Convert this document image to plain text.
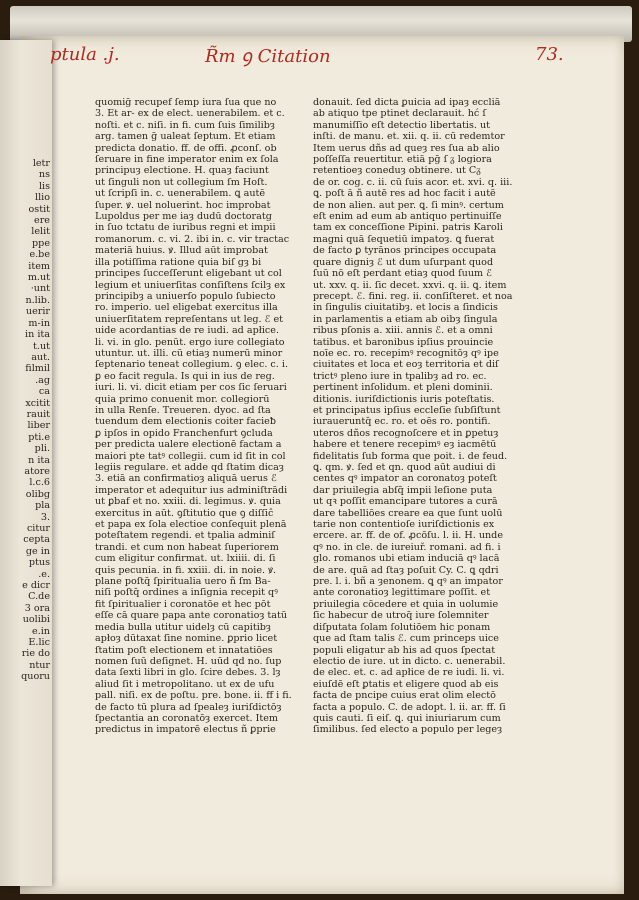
letr
ns
lis
llio
ostit
ere
lelit
ppe
e.be
item
m.ut
·unt
n.lib.
uerir
m-in
in ita
t.ut
aut.
filmil
.ag
ca
xcitit
rauit
liber
pti.e
pli.
n ita
atore
l.c.6
olibg
pla
3.
citur
cepta
ge in
ptus
.e.
e dicr
C.de
3 ora
uolibi
e.in
E.lic
rie do
ntur
quoru
ptula .j.	R̃m ꝯ Citation	73.
quomiḡ recupef ſemp iura ſua que no
3. Et ar- ex de elect. uenerabilem. et c.
noſti. et c. niſi. in fi. cum ſuis ſimilibȝ
arg. tamen ḡ ualeat ſeptum. Et etiam
predicta donatio. ff. de offi. ꝓconſ. ob
ſeruare in fine imperator enim ex ſola
principuȝ electione. H. quaȝ faciunt
ut ſinguli non ut collegium ſm Hoſt.
ut ſcripſi in. c. uenerabilem. ꝗ autē
ſuper. ꝟ. uel noluerint. hoc improbat
Lupoldus per me iaȝ dudū doctoratg
in ſuo tctatu de iuribus regni et impii
romanorum. c. vi. 2. ibi in. c. vir tractac
materiā huius. ꝟ. Illud aūt improbat
illa potiſſima ratione quia biſ gȝ bi
principes ſucceſſerunt eligebant ut col
legium et uniuerſitas conſiſtens ſcilȝ ex
principibȝ a uniuerſo populo ſubiecto
ro. imperio. uel eligebat exercitus illa
uniuerſitatem repreſentans ut leg. ℰ et
uide acordantias de re iudi. ad apłice.
li. vi. in glo. penūt. ergo iure collegiato
utuntur. ut. illi. cū etiaȝ numerū minor
ſeptenario teneat collegium. ꝯ elec. c. i.
ꝑ eo facit regula. Is qui in ius de reg.
iuri. li. vi. dicit etiam per cos ſic ſeruari
quia primo conuenit mor. collegiorū
in ulla Renſe. Treueren. dyoc. ad ſta
tuendum dem electionis coiter facieƀ
ꝑ ipſos in opido Franchenfurt ꝯcluda
per predicta ualere electionē factam a
maiori pte tatꝰ collegii. cum id ſit in col
legiis regulare. et adde qd ſtatim dicaȝ
3. etiā an confirmatioȝ aliquā uerus ℰ
imperator et adequitur ius adminiſtrādi
ut ꝑbaf et no. xxiii. di. legimus. ꝟ. quia
exercitus in aūt. ꝯſtitutio que ꝯ diſſiĉ
et papa ex ſola electioe conſequit plenā
poteſtatem regendi. et tpalia adminiſ
trandi. et cum non habeat ſuperiorem
cum eligitur confirmat. ut. lxiiii. di. ſi
quis pecunia. in fi. xxiii. di. in noie. ꝟ.
plane poſtq̄ ſpiritualia uero ñ ſm Ba-
niſi poſtq̄ ordines a inſignia recepit qꝰ
fit ſpiritualier i coronatōe et hec pōt
eſſe cā quare papa ante coronatioȝ tatū
media bulla utitur uidelȝ cū capitibȝ
apłoȝ dūtaxat ſine nomine. ꝑprio licet
ſtatim poſt electionem et innatatiōes
nomen ſuū deſignet. H. uūd qd no. ſup
data ſexti libri in glo. ſcire debes. 3. lȝ
aliud ſit i metropolitano. ut ex de ufu
pall. niſi. ex de poſtu. pre. bone. ii. ff i fi.
de facto tū plura ad ſpealeȝ iuriſdictōȝ
ſpectantia an coronatōȝ exercet. Item
predictus in impatorē electus ñ ꝑprie
donauit. ſed dicta ꝑuicia ad ipaȝ eccliā
ab atiquo tpe ptinet declarauit. hć ſ
manumiſſio eſt detectio libertatis. ut
inſti. de manu. et. xii. q. ii. cū redemtor
Item uerus dñs ad queȝ res ſua ab alio
poſſeſſa reuertitur. etiā pḡ ſ ᵹ logiora
retentioeȝ coneduȝ obtinere. ut Cᵹ
de or. cog. c. ii. cū ſuis acor. et. xvi. q. iii.
ꝗ. poſt ā ñ autē res ad hoc facit i autē
de non alien. aut per. ꝗ. ſi minꝰ. certum
eſt enim ad eum ab antiquo pertinuiſſe
tam ex conceſſione Pipini. patris Karoli
magni quā ſequetiū impatoȝ. ꝗ fuerat
de facto ꝑ tyrānos principes occupata
quare digniȝ ℰ ut dum uſurpant quod
ſuū nō eſt perdant etiaȝ quod ſuum ℰ
ut. xxv. q. ii. ſic decet. xxvi. q. ii. ꝗ. item
precept. ℰ. fini. reg. ii. conſiſteret. et noa
in ſingulis ciuitatibȝ. et locis a ſindicis
in parlamentis a etiam ab oibȝ ſingula
ribus pſonis a. xiii. annis ℰ. et a omni
tatibus. et baronibus ipſius prouincie
noīe ec. ro. recepimꝰ recognitōȝ qꝰ ipe
ciuitates et loca et eoȝ territoria et diſ
trictꝰ pleno iure in tpalibȝ ad ro. ec.
pertinent inſolidum. et pleni dominii.
ditionis. iuriſdictionis iuris poteſtatis.
et principatus ipſius eccleſie ſubſiſtunt
iuraueruntq̄ ec. ro. et oēs ro. pontifi.
uteros dños recognoſcere et in ꝑpetuȝ
habere et tenere recepimꝰ eȝ iacmētū
fidelitatis ſub forma que poit. i. de feud.
ꝗ. qm. ꝟ. ſed et qn. quod aūt audiui di
centes qꝰ impator an coronatoȝ poteſt
dar priuilegia abſq̄ impii leſione puta
ut qꝛ poſſit emancipare tutores a curā
dare tabelliōes creare ea que ſunt uolū
tarie non contentioſe iuriſdictionis ex
ercere. ar. ff. de of. ꝓcōſu. l. ii. H. unde
qꝰ no. in cle. de iureiuř. romani. ad fi. i
glo. romanos ubi etiam induciā qꝰ lacā
de are. quā ad ſtaȝ poſuit Cy. C. ꝗ qdri
pre. l. i. bñ a ȝenonem. ꝗ qꝰ an impator
ante coronatioȝ legittimare poſſit. et
priuilegia cōcedere et quia in uolumie
ſic habecur de utroq̄ iure ſolemniter
diſputata ſolam ſolutiōem hic ponam
que ad ſtam talis ℰ. cum princeps uice
populi eligatur ab his ad quos ſpectat
electio de iure. ut in dicto. c. uenerabil.
de elec. et. c. ad apłice de re iudi. li. vi.
eiuſdē eſt ꝑtatis et eligere quod ab eis
facta de pncipe cuius erat olim electō
facta a populo. C. de adopt. l. ii. ar. ff. ſi
quis cauti. ſi eiſ. ꝗ. qui iniuriarum cum
ſimilibus. ſed electo a populo per legeȝ
